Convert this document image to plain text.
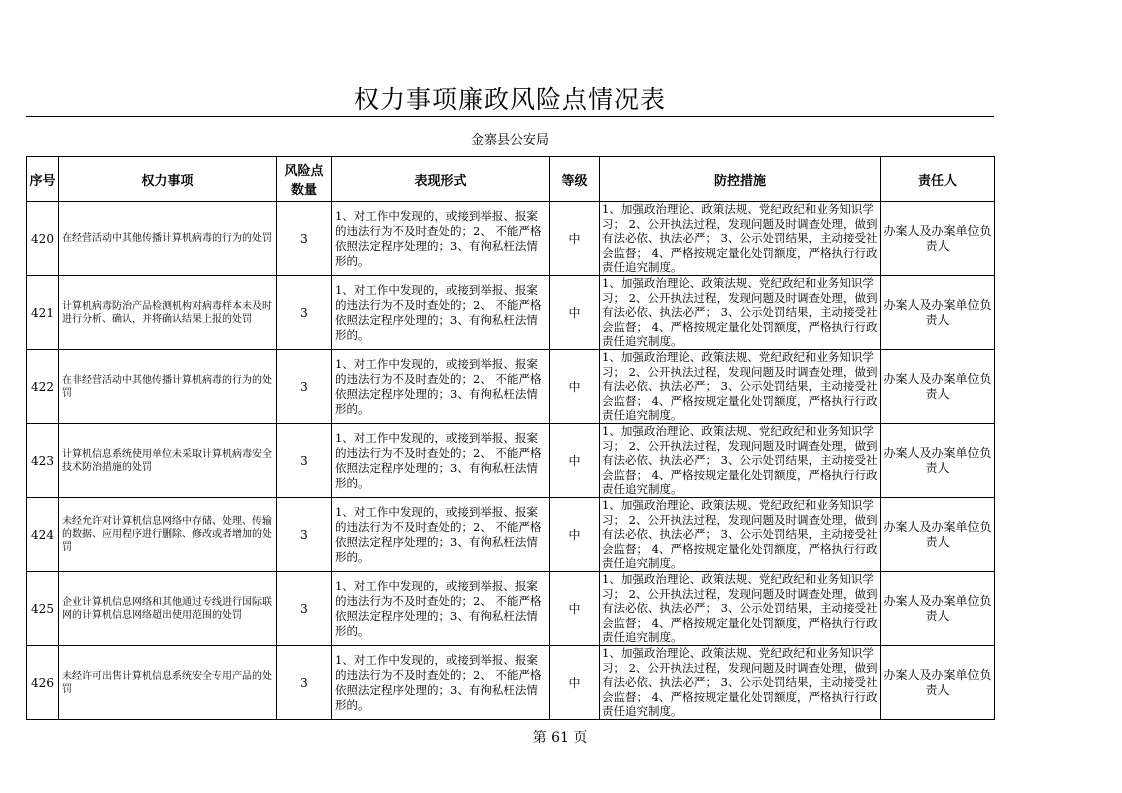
权力事项廉政风险点情况表
金寨县公安局
序号	权力事项	风险点数量	表现形式	等级	防控措施	责任人
420	在经营活动中其他传播计算机病毒的行为的处罚	3	1、对工作中发现的，或接到举报、报案的违法行为不及时查处的；2、 不能严格依照法定程序处理的；3、有徇私枉法情形的。	中	1、加强政治理论、政策法规、党纪政纪和业务知识学习； 2、公开执法过程，发现问题及时调查处理，做到有法必依、执法必严； 3、公示处罚结果，主动接受社会监督； 4、严格按规定量化处罚额度，严格执行行政责任追究制度。	办案人及办案单位负责人
421	计算机病毒防治产品检测机构对病毒样本未及时进行分析、确认，并将确认结果上报的处罚	3	1、对工作中发现的，或接到举报、报案的违法行为不及时查处的；2、 不能严格依照法定程序处理的；3、有徇私枉法情形的。	中	1、加强政治理论、政策法规、党纪政纪和业务知识学习； 2、公开执法过程，发现问题及时调查处理，做到有法必依、执法必严； 3、公示处罚结果，主动接受社会监督； 4、严格按规定量化处罚额度，严格执行行政责任追究制度。	办案人及办案单位负责人
422	在非经营活动中其他传播计算机病毒的行为的处罚	3	1、对工作中发现的，或接到举报、报案的违法行为不及时查处的；2、 不能严格依照法定程序处理的；3、有徇私枉法情形的。	中	1、加强政治理论、政策法规、党纪政纪和业务知识学习； 2、公开执法过程，发现问题及时调查处理，做到有法必依、执法必严； 3、公示处罚结果，主动接受社会监督； 4、严格按规定量化处罚额度，严格执行行政责任追究制度。	办案人及办案单位负责人
423	计算机信息系统使用单位未采取计算机病毒安全技术防治措施的处罚	3	1、对工作中发现的，或接到举报、报案的违法行为不及时查处的；2、 不能严格依照法定程序处理的；3、有徇私枉法情形的。	中	1、加强政治理论、政策法规、党纪政纪和业务知识学习； 2、公开执法过程，发现问题及时调查处理，做到有法必依、执法必严； 3、公示处罚结果，主动接受社会监督； 4、严格按规定量化处罚额度，严格执行行政责任追究制度。	办案人及办案单位负责人
424	未经允许对计算机信息网络中存储、处理、传输的数据、应用程序进行删除、修改或者增加的处罚	3	1、对工作中发现的，或接到举报、报案的违法行为不及时查处的；2、 不能严格依照法定程序处理的；3、有徇私枉法情形的。	中	1、加强政治理论、政策法规、党纪政纪和业务知识学习； 2、公开执法过程，发现问题及时调查处理，做到有法必依、执法必严； 3、公示处罚结果，主动接受社会监督； 4、严格按规定量化处罚额度，严格执行行政责任追究制度。	办案人及办案单位负责人
425	企业计算机信息网络和其他通过专线进行国际联网的计算机信息网络超出使用范围的处罚	3	1、对工作中发现的，或接到举报、报案的违法行为不及时查处的；2、 不能严格依照法定程序处理的；3、有徇私枉法情形的。	中	1、加强政治理论、政策法规、党纪政纪和业务知识学习； 2、公开执法过程，发现问题及时调查处理，做到有法必依、执法必严； 3、公示处罚结果，主动接受社会监督； 4、严格按规定量化处罚额度，严格执行行政责任追究制度。	办案人及办案单位负责人
426	未经许可出售计算机信息系统安全专用产品的处罚	3	1、对工作中发现的，或接到举报、报案的违法行为不及时查处的；2、 不能严格依照法定程序处理的；3、有徇私枉法情形的。	中	1、加强政治理论、政策法规、党纪政纪和业务知识学习； 2、公开执法过程，发现问题及时调查处理，做到有法必依、执法必严； 3、公示处罚结果，主动接受社会监督； 4、严格按规定量化处罚额度，严格执行行政责任追究制度。	办案人及办案单位负责人
第 61 页
